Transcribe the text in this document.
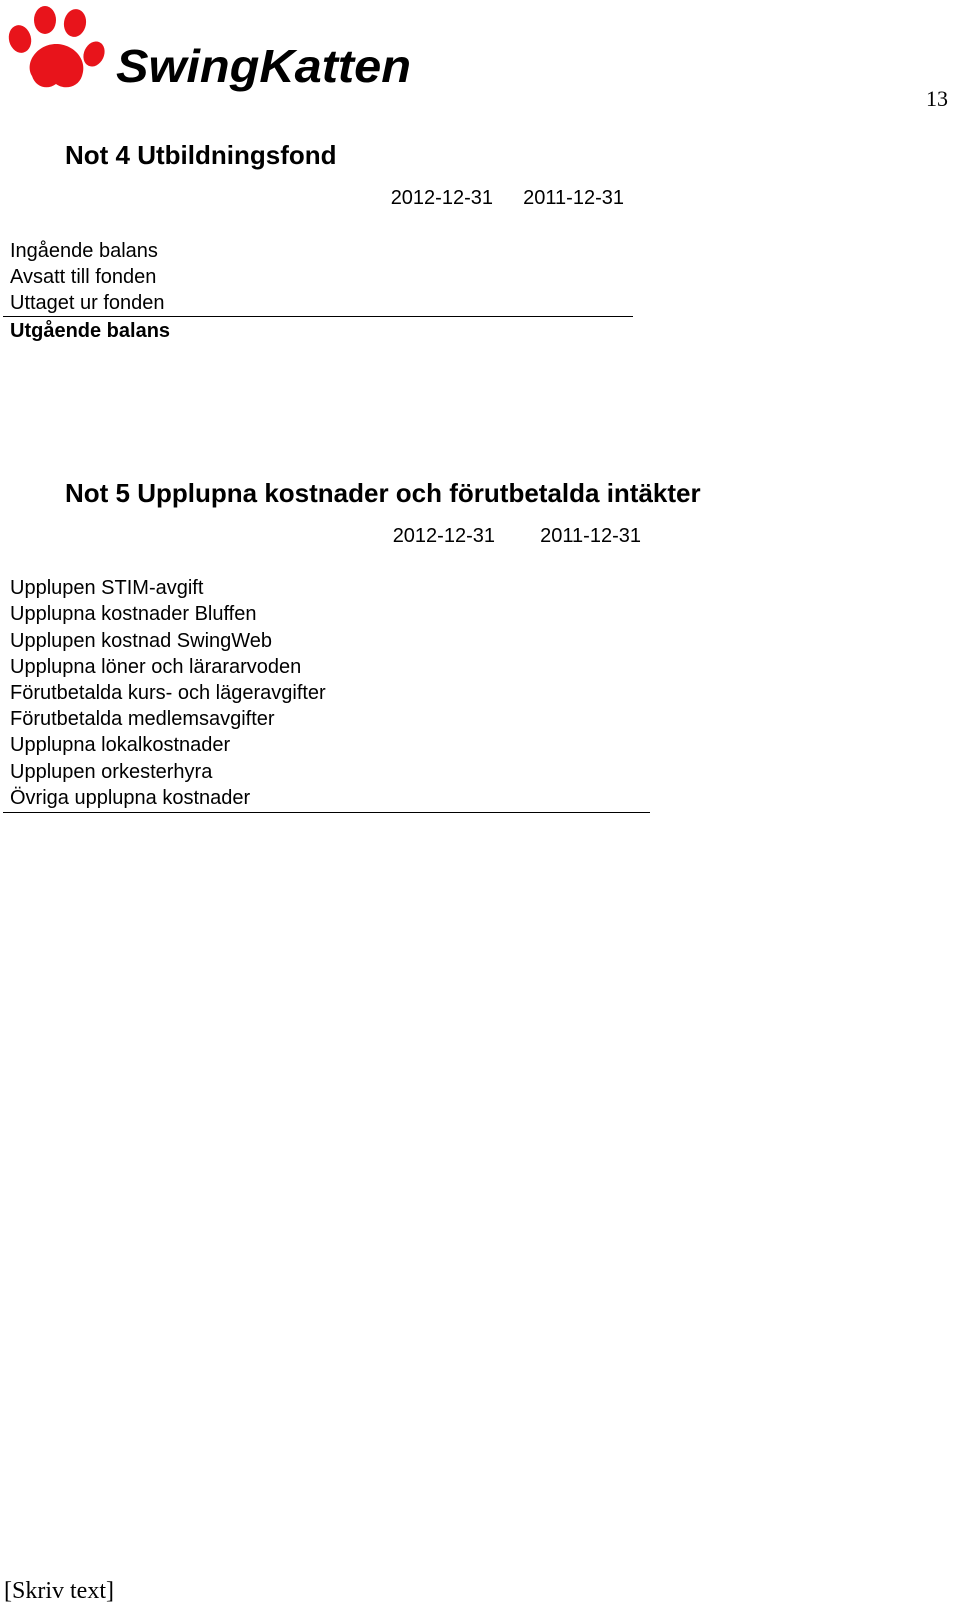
SwingKatten
13
Not 4 Utbildningsfond
2012-12-31	2011-12-31
Ingående balans
Avsatt till fonden
Uttaget ur fonden
Utgående balans
Not 5 Upplupna kostnader och förutbetalda intäkter
2012-12-31	2011-12-31
Upplupen STIM-avgift
Upplupna kostnader Bluffen
Upplupen kostnad SwingWeb
Upplupna löner och lärararvoden
Förutbetalda kurs- och lägeravgifter
Förutbetalda medlemsavgifter
Upplupna lokalkostnader
Upplupen orkesterhyra
Övriga upplupna kostnader
[Skriv text]
